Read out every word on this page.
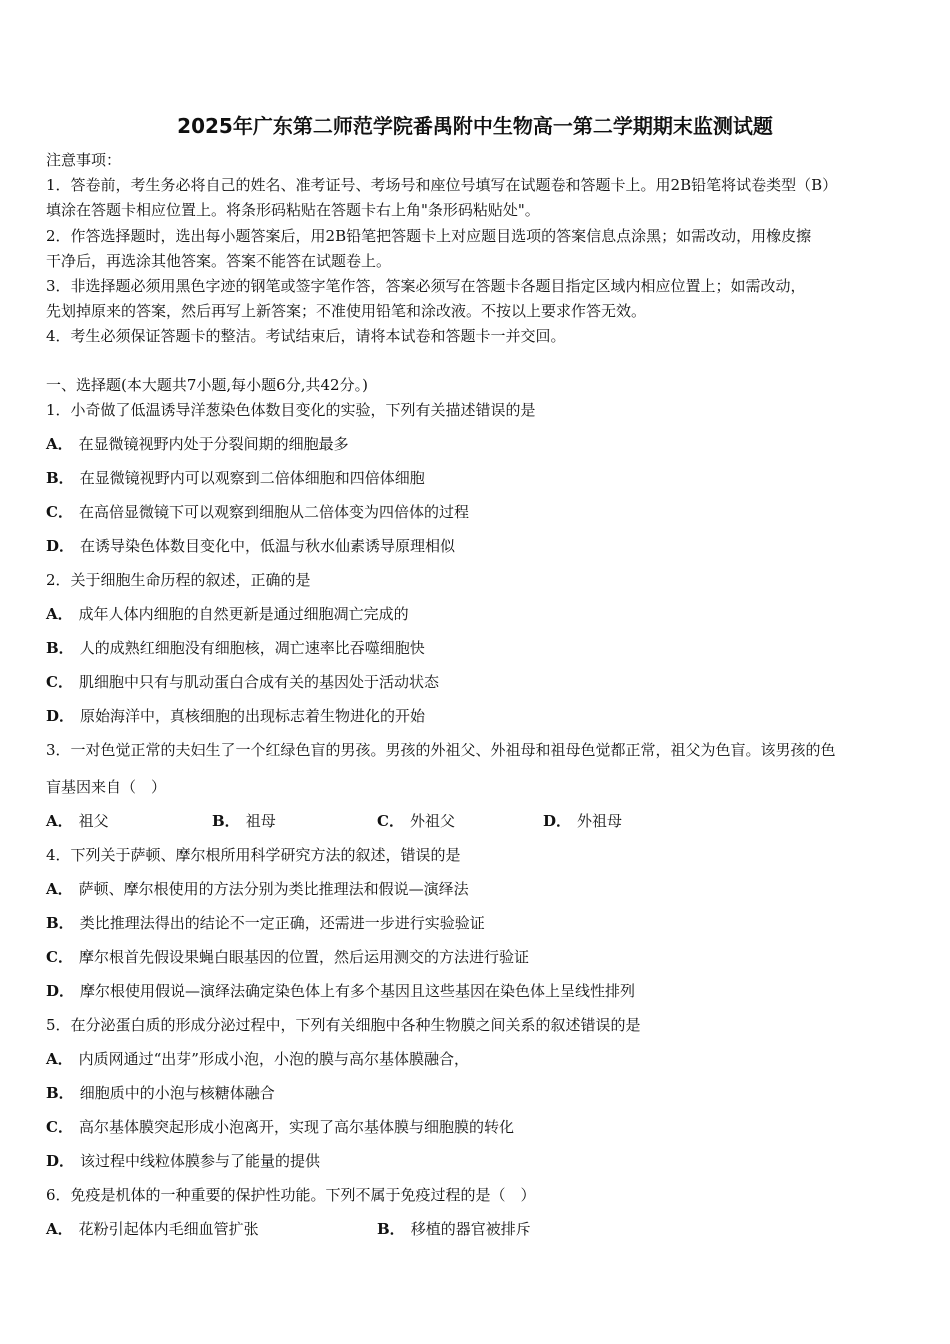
2025年广东第二师范学院番禺附中生物高一第二学期期末监测试题
注意事项：
1．答卷前，考生务必将自己的姓名、准考证号、考场号和座位号填写在试题卷和答题卡上。用2B铅笔将试卷类型（B）
填涂在答题卡相应位置上。将条形码粘贴在答题卡右上角"条形码粘贴处"。
2．作答选择题时，选出每小题答案后，用2B铅笔把答题卡上对应题目选项的答案信息点涂黑；如需改动，用橡皮擦
干净后，再选涂其他答案。答案不能答在试题卷上。
3．非选择题必须用黑色字迹的钢笔或签字笔作答，答案必须写在答题卡各题目指定区域内相应位置上；如需改动，
先划掉原来的答案，然后再写上新答案；不准使用铅笔和涂改液。不按以上要求作答无效。
4．考生必须保证答题卡的整洁。考试结束后，请将本试卷和答题卡一并交回。
一、选择题(本大题共7小题,每小题6分,共42分。)
1．小奇做了低温诱导洋葱染色体数目变化的实验，下列有关描述错误的是
A． 在显微镜视野内处于分裂间期的细胞最多
B． 在显微镜视野内可以观察到二倍体细胞和四倍体细胞
C． 在高倍显微镜下可以观察到细胞从二倍体变为四倍体的过程
D． 在诱导染色体数目变化中，低温与秋水仙素诱导原理相似
2．关于细胞生命历程的叙述，正确的是
A． 成年人体内细胞的自然更新是通过细胞凋亡完成的
B． 人的成熟红细胞没有细胞核，凋亡速率比吞噬细胞快
C． 肌细胞中只有与肌动蛋白合成有关的基因处于活动状态
D． 原始海洋中，真核细胞的出现标志着生物进化的开始
3．一对色觉正常的夫妇生了一个红绿色盲的男孩。男孩的外祖父、外祖母和祖母色觉都正常，祖父为色盲。该男孩的色
盲基因来自（　）
A． 祖父	B． 祖母	C． 外祖父	D． 外祖母
4．下列关于萨顿、摩尔根所用科学研究方法的叙述，错误的是
A． 萨顿、摩尔根使用的方法分别为类比推理法和假说—演绎法
B． 类比推理法得出的结论不一定正确，还需进一步进行实验验证
C． 摩尔根首先假设果蝇白眼基因的位置，然后运用测交的方法进行验证
D． 摩尔根使用假说—演绎法确定染色体上有多个基因且这些基因在染色体上呈线性排列
5．在分泌蛋白质的形成分泌过程中，下列有关细胞中各种生物膜之间关系的叙述错误的是
A． 内质网通过“出芽”形成小泡，小泡的膜与高尔基体膜融合，
B． 细胞质中的小泡与核糖体融合
C． 高尔基体膜突起形成小泡离开，实现了高尔基体膜与细胞膜的转化
D． 该过程中线粒体膜参与了能量的提供
6．免疫是机体的一种重要的保护性功能。下列不属于免疫过程的是（　）
A． 花粉引起体内毛细血管扩张	B． 移植的器官被排斥
